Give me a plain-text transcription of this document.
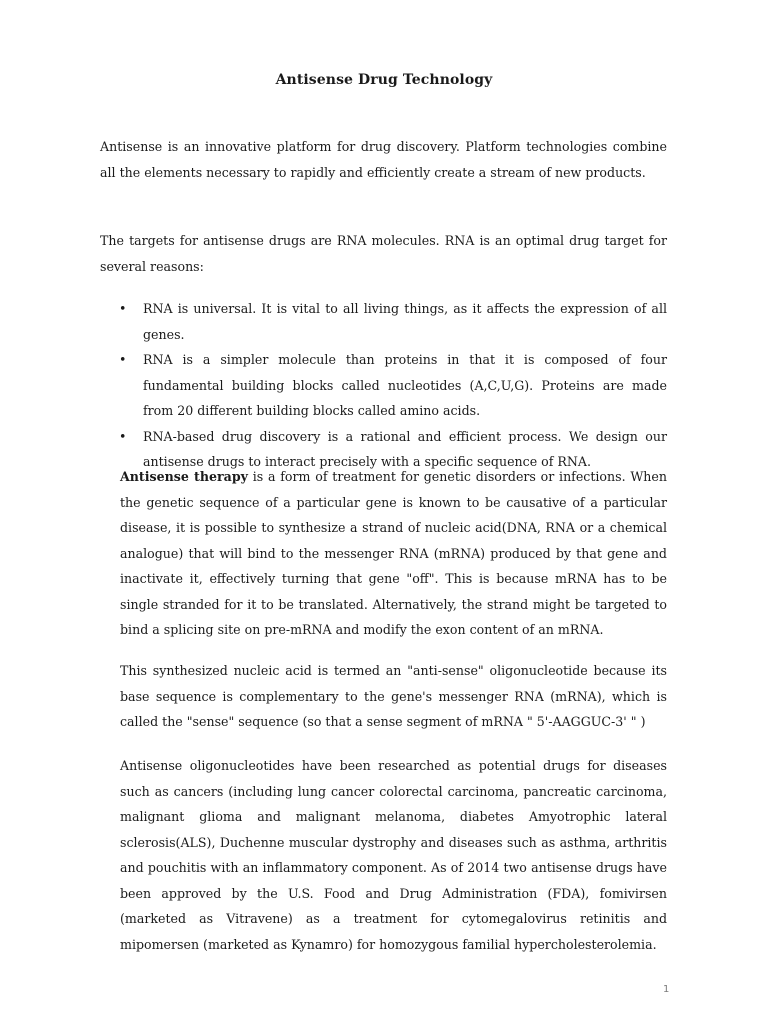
Antisense Drug Technology

Antisense is an innovative platform for drug discovery. Platform technologies combine all the elements necessary to rapidly and efficiently create a stream of new products.

The targets for antisense drugs are RNA molecules. RNA is an optimal drug target for several reasons:

• RNA is universal. It is vital to all living things, as it affects the expression of all genes.
• RNA is a simpler molecule than proteins in that it is composed of four fundamental building blocks called nucleotides (A,C,U,G). Proteins are made from 20 different building blocks called amino acids.
• RNA-based drug discovery is a rational and efficient process. We design our antisense drugs to interact precisely with a specific sequence of RNA.

Antisense therapy is a form of treatment for genetic disorders or infections. When the genetic sequence of a particular gene is known to be causative of a particular disease, it is possible to synthesize a strand of nucleic acid(DNA, RNA or a chemical analogue) that will bind to the messenger RNA (mRNA) produced by that gene and inactivate it, effectively turning that gene "off". This is because mRNA has to be single stranded for it to be translated. Alternatively, the strand might be targeted to bind a splicing site on pre-mRNA and modify the exon content of an mRNA.

This synthesized nucleic acid is termed an "anti-sense" oligonucleotide because its base sequence is complementary to the gene's messenger RNA (mRNA), which is called the "sense" sequence (so that a sense segment of mRNA " 5'-AAGGUC-3' " )

Antisense oligonucleotides have been researched as potential drugs for diseases such as cancers (including lung cancer colorectal carcinoma, pancreatic carcinoma, malignant glioma and malignant melanoma, diabetes Amyotrophic lateral sclerosis(ALS), Duchenne muscular dystrophy and diseases such as asthma, arthritis and pouchitis with an inflammatory component. As of 2014 two antisense drugs have been approved by the U.S. Food and Drug Administration (FDA), fomivirsen (marketed as Vitravene) as a treatment for cytomegalovirus retinitis and mipomersen (marketed as Kynamro) for homozygous familial hypercholesterolemia.

1
